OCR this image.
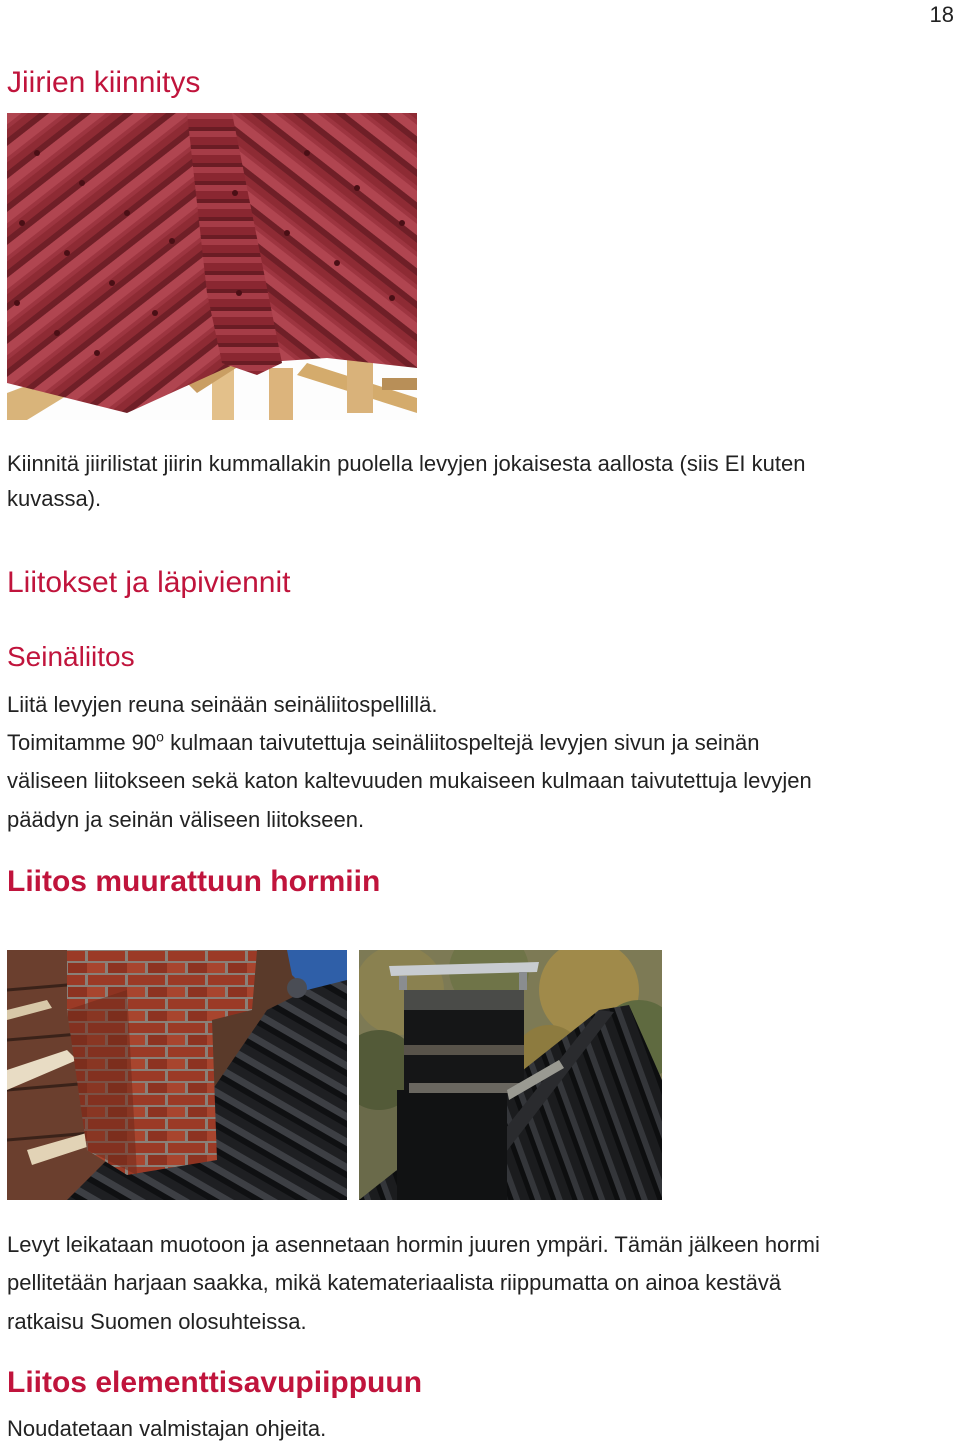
18
Jiirien kiinnitys

Kiinnitä jiirilistat jiirin kummallakin puolella levyjen jokaisesta aallosta (siis EI kuten

kuvassa).

Liitokset ja läpiviennit
Seinäliitos

Liitä levyjen reuna seinään seinäliitospellillä.

Toimitamme 90$^o$ kulmaan taivutettuja seinäliitospeltejä levyjen sivun ja seinän

väliseen liitokseen sekä katon kaltevuuden mukaiseen kulmaan taivutettuja levyjen

päädyn ja seinän väliseen liitokseen.

Liitos muurattuun hormiin

Levyt leikataan muotoon ja asennetaan hormin juuren ympäri. Tämän jälkeen hormi

pellitetään harjaan saakka, mikä katemateriaalista riippumatta on ainoa kestävä

ratkaisu Suomen olosuhteissa.

Liitos elementtisavupiippuun

Noudatetaan valmistajan ohjeita.
